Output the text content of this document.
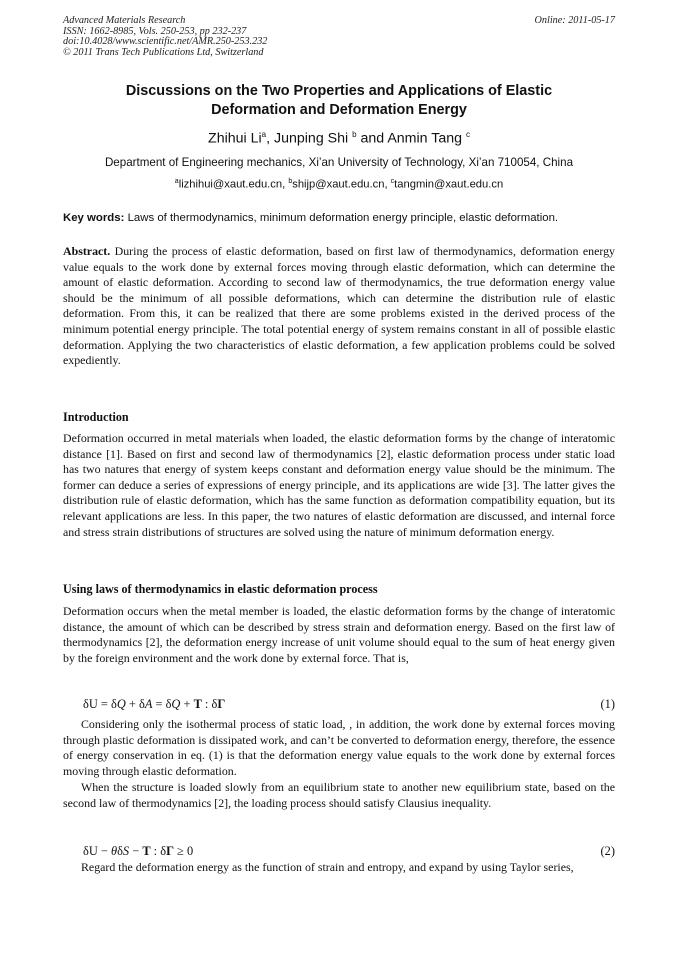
Advanced Materials Research
ISSN: 1662-8985, Vols. 250-253, pp 232-237
doi:10.4028/www.scientific.net/AMR.250-253.232
© 2011 Trans Tech Publications Ltd, Switzerland
Online: 2011-05-17
Discussions on the Two Properties and Applications of Elastic
Deformation and Deformation Energy
Zhihui Li$^a$, Junping Shi $^b$ and Anmin Tang $^c$
Department of Engineering mechanics, Xi’an University of Technology, Xi’an 710054, China
$^a$lizhihui@xaut.edu.cn, $^b$shijp@xaut.edu.cn, $^c$tangmin@xaut.edu.cn
Key words: Laws of thermodynamics, minimum deformation energy principle, elastic deformation.
Abstract. During the process of elastic deformation, based on first law of thermodynamics, deformation energy value equals to the work done by external forces moving through elastic deformation, which can determine the amount of elastic deformation. According to second law of thermodynamics, the true deformation energy value should be the minimum of all possible deformations, which can determine the distribution rule of elastic deformation. From this, it can be realized that there are some problems existed in the derived process of the minimum potential energy principle. The total potential energy of system remains constant in all of possible elastic deformation. Applying the two characteristics of elastic deformation, a few application problems could be solved expediently.
Introduction
Deformation occurred in metal materials when loaded, the elastic deformation forms by the change of interatomic distance [1]. Based on first and second law of thermodynamics [2], elastic deformation process under static load has two natures that energy of system keeps constant and deformation energy value should be the minimum. The former can deduce a series of expressions of energy principle, and its applications are wide [3]. The latter gives the distribution rule of elastic deformation, which has the same function as deformation compatibility equation, but its relevant applications are less. In this paper, the two natures of elastic deformation are discussed, and internal force and stress strain distributions of structures are solved using the nature of minimum deformation energy.
Using laws of thermodynamics in elastic deformation process
Deformation occurs when the metal member is loaded, the elastic deformation forms by the change of interatomic distance, the amount of which can be described by stress strain and deformation energy. Based on the first law of thermodynamics [2], the deformation energy increase of unit volume should equal to the sum of heat energy given by the foreign environment and the work done by external force. That is,
δU = δQ + δA = δQ + T : δΓ	(1)
Considering only the isothermal process of static load, , in addition, the work done by external forces moving through plastic deformation is dissipated work, and can’t be converted to deformation energy, therefore, the essence of energy conservation in eq. (1) is that the deformation energy value equals to the work done by external forces moving through elastic deformation.
When the structure is loaded slowly from an equilibrium state to another new equilibrium state, based on the second law of thermodynamics [2], the loading process should satisfy Clausius inequality.
δU − θδS − T : δΓ ≥ 0	(2)
Regard the deformation energy as the function of strain and entropy, and expand by using Taylor series,
